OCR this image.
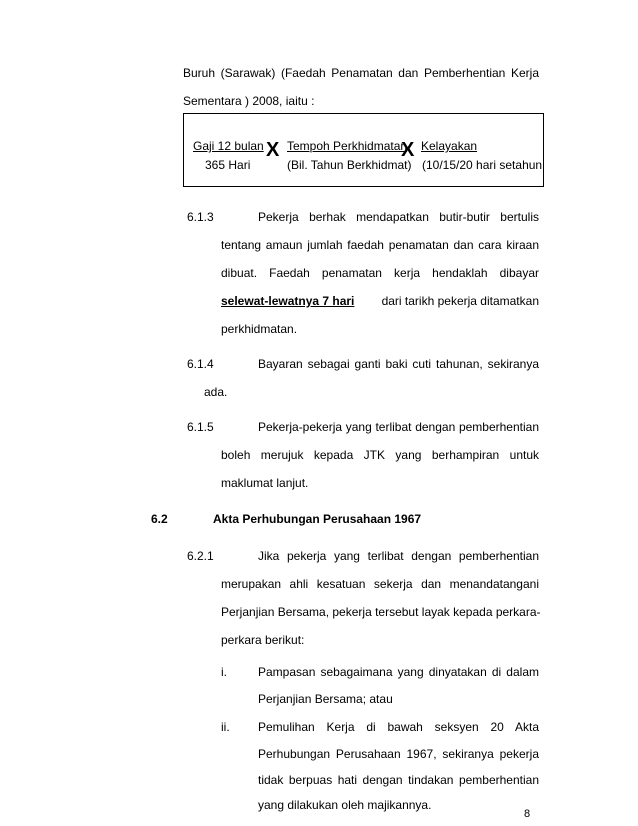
Buruh (Sarawak) (Faedah Penamatan dan Pemberhentian Kerja
Sementara ) 2008, iaitu :
Gaji 12 bulan
365 Hari
X Tempoh Perkhidmatan
(Bil. Tahun Berkhidmat)
X Kelayakan
(10/15/20 hari setahun
6.1.3	Pekerja berhak mendapatkan butir-butir bertulis
tentang amaun jumlah faedah penamatan dan cara kiraan
dibuat. Faedah penamatan kerja hendaklah dibayar
selewat-lewatnya 7 hari dari tarikh pekerja ditamatkan
perkhidmatan.
6.1.4	Bayaran sebagai ganti baki cuti tahunan, sekiranya
ada.
6.1.5	Pekerja-pekerja yang terlibat dengan pemberhentian
boleh merujuk kepada JTK yang berhampiran untuk
maklumat lanjut.
6.2	Akta Perhubungan Perusahaan 1967
6.2.1	Jika pekerja yang terlibat dengan pemberhentian
merupakan ahli kesatuan sekerja dan menandatangani
Perjanjian Bersama, pekerja tersebut layak kepada perkara-
perkara berikut:
i.	Pampasan sebagaimana yang dinyatakan di dalam
Perjanjian Bersama; atau
ii. Pemulihan Kerja di bawah seksyen 20 Akta
Perhubungan Perusahaan 1967, sekiranya pekerja
tidak berpuas hati dengan tindakan pemberhentian
yang dilakukan oleh majikannya.
8
